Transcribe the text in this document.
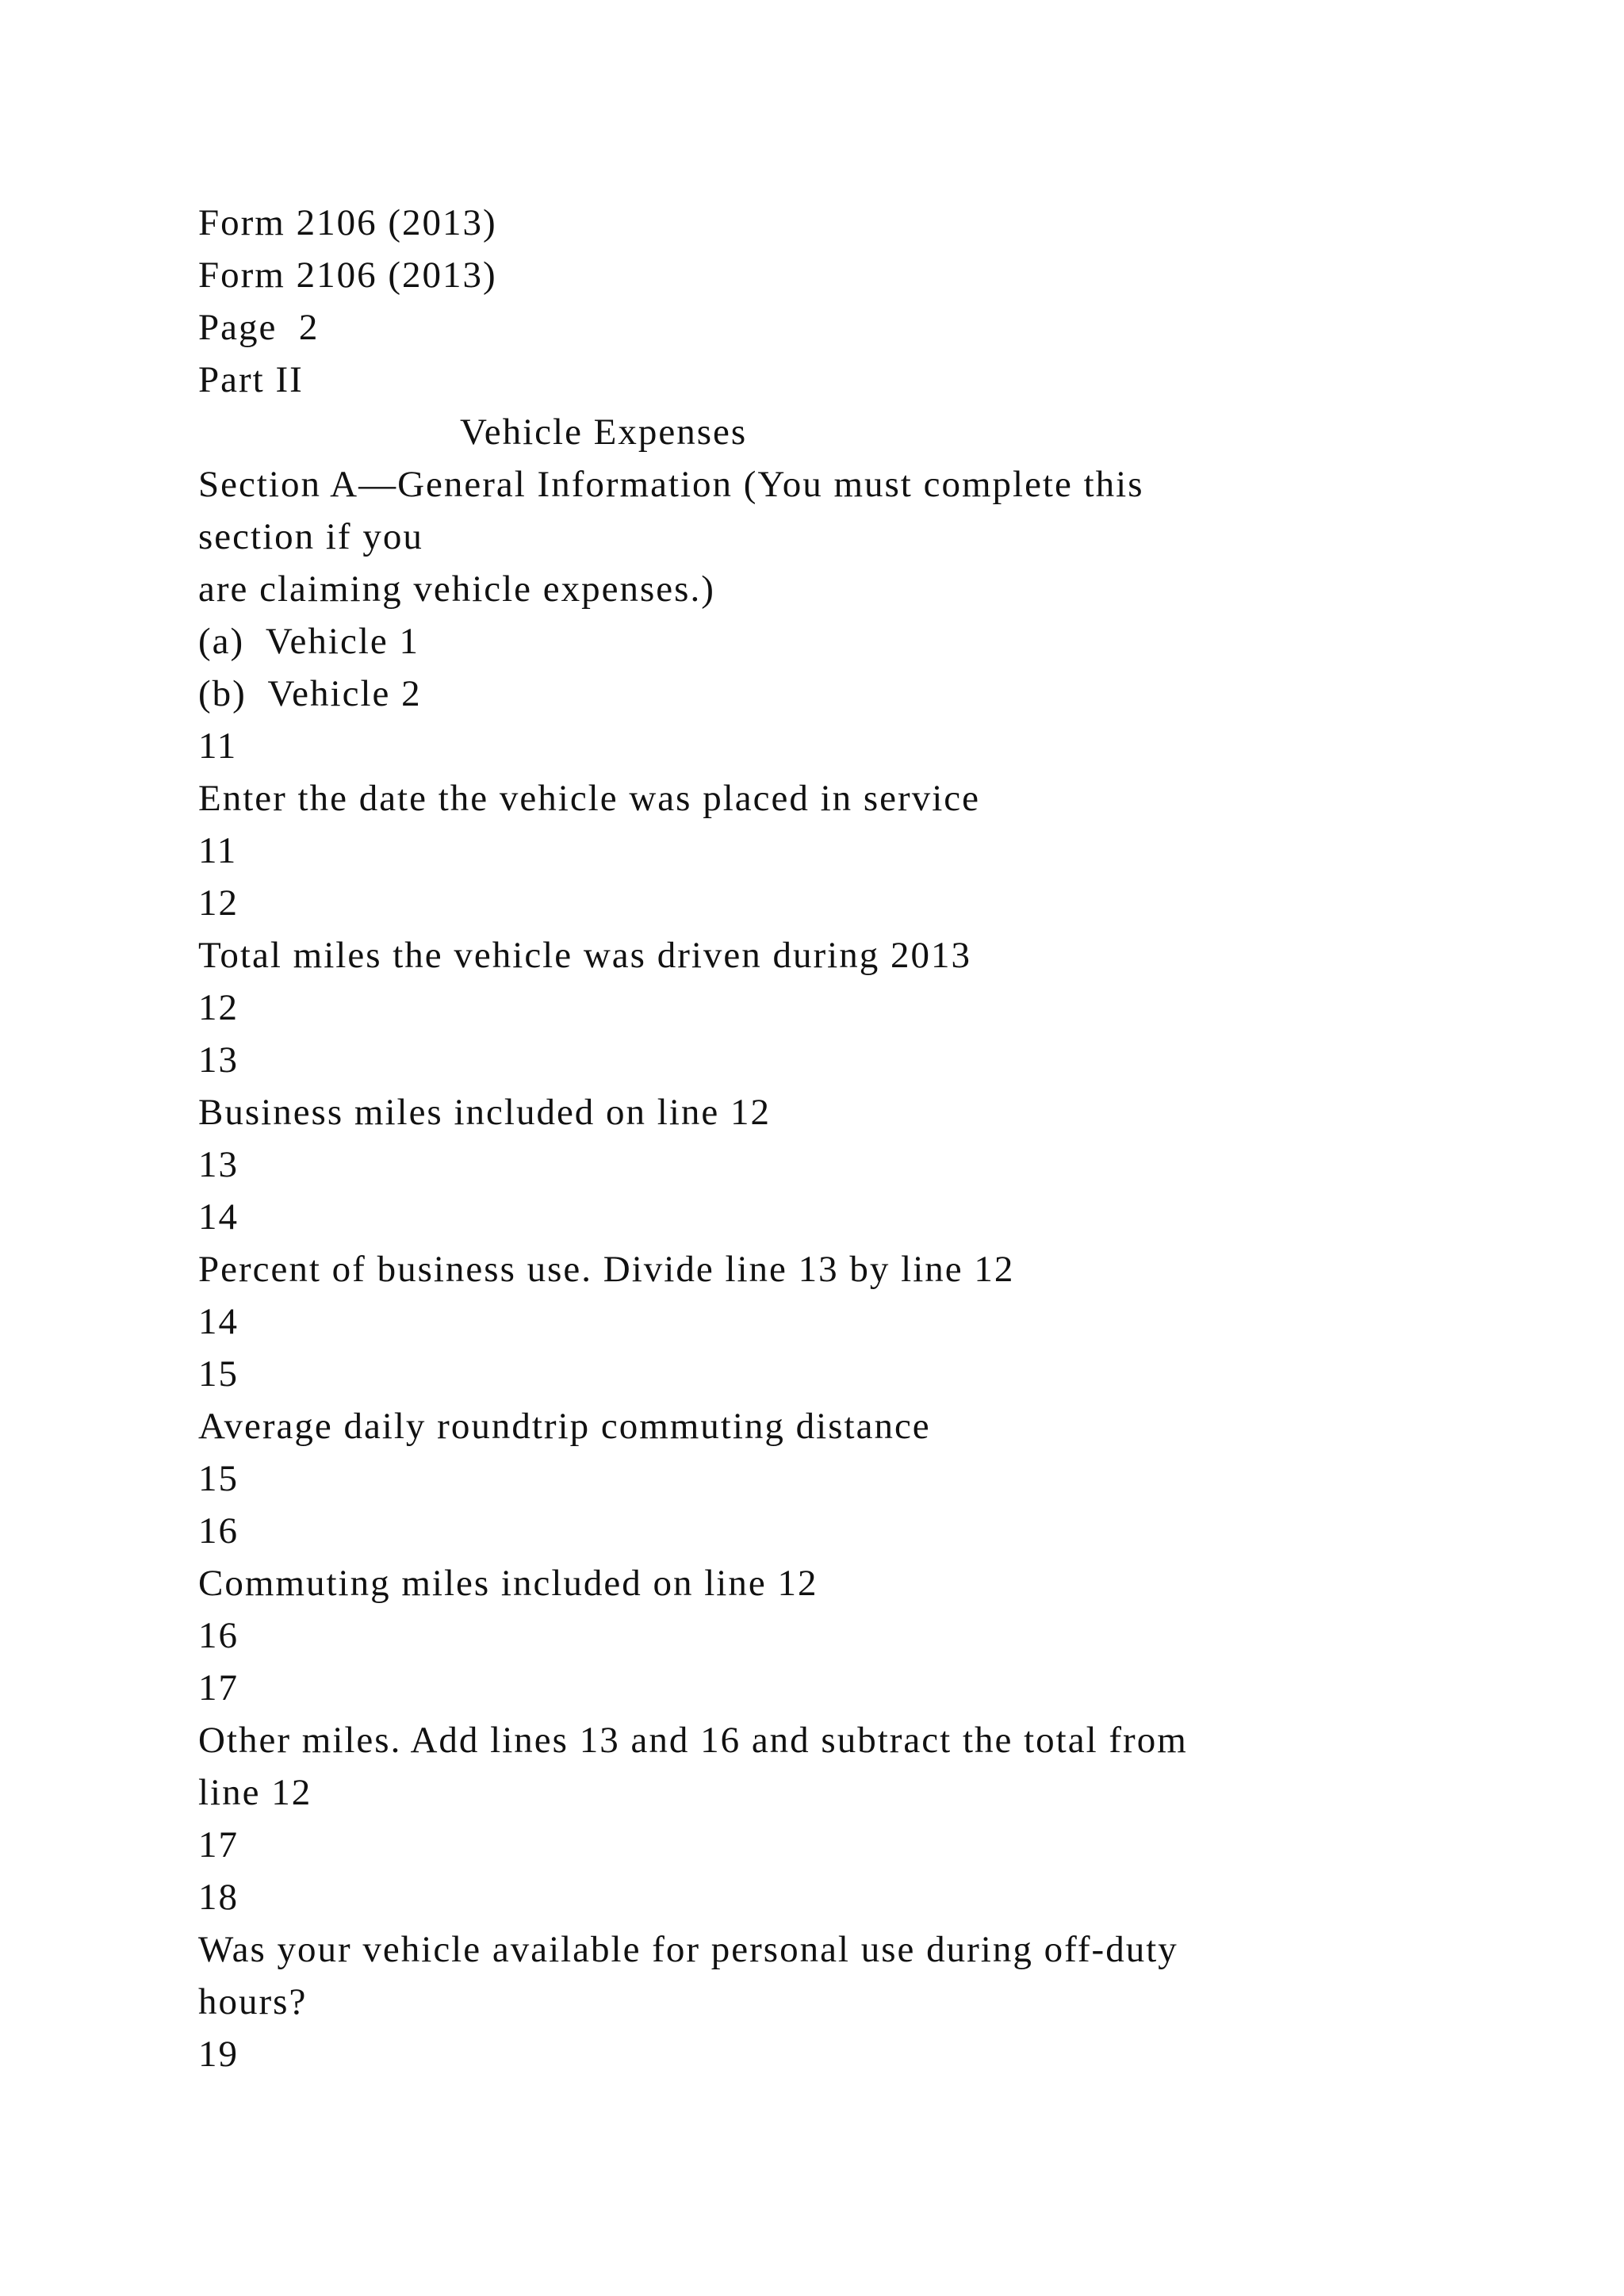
Form 2106 (2013)
Form 2106 (2013)
Page  2
Part II
Vehicle Expenses
Section A—General Information (You must complete this
section if you
are claiming vehicle expenses.)
(a)  Vehicle 1
(b)  Vehicle 2
11
Enter the date the vehicle was placed in service
11
12
Total miles the vehicle was driven during 2013
12
13
Business miles included on line 12
13
14
Percent of business use. Divide line 13 by line 12
14
15
Average daily roundtrip commuting distance
15
16
Commuting miles included on line 12
16
17
Other miles. Add lines 13 and 16 and subtract the total from
line 12
17
18
Was your vehicle available for personal use during off-duty
hours?
19
